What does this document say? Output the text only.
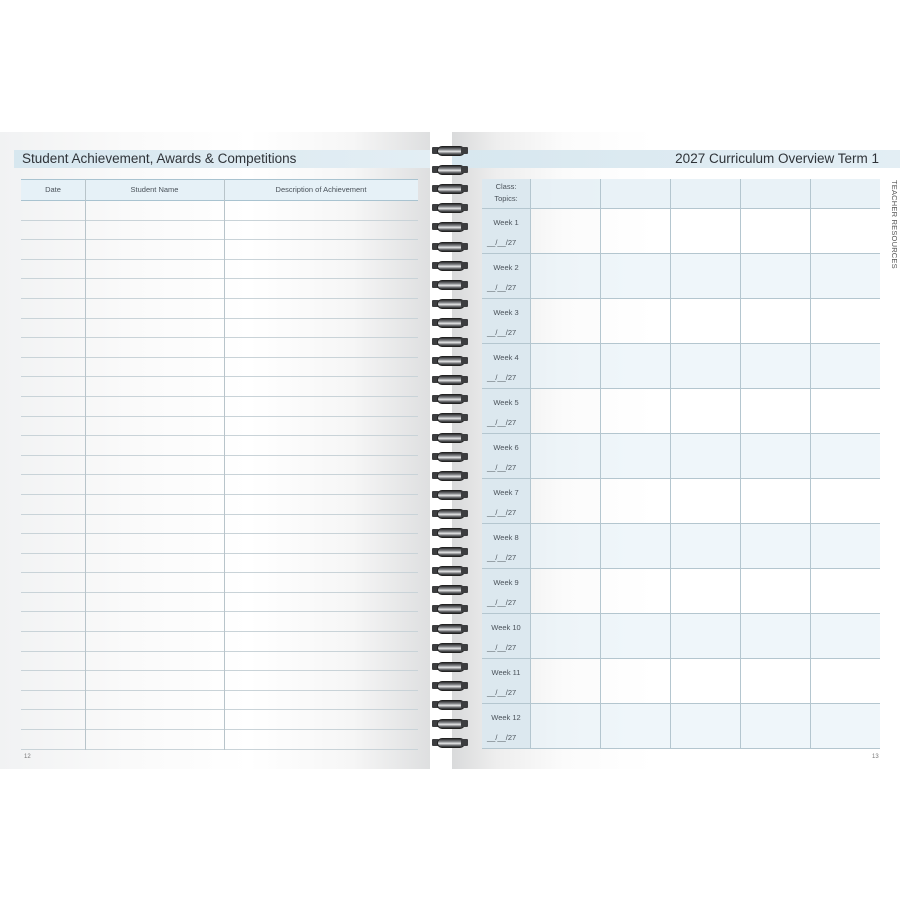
Student Achievement, Awards & Competitions
Date	Student Name	Description of Achievement
12
2027 Curriculum Overview Term 1
Class:
Topics:
Week 1
__/__/27
Week 2
__/__/27
Week 3
__/__/27
Week 4
__/__/27
Week 5
__/__/27
Week 6
__/__/27
Week 7
__/__/27
Week 8
__/__/27
Week 9
__/__/27
Week 10
__/__/27
Week 11
__/__/27
Week 12
__/__/27
TEACHER RESOURCES
13
